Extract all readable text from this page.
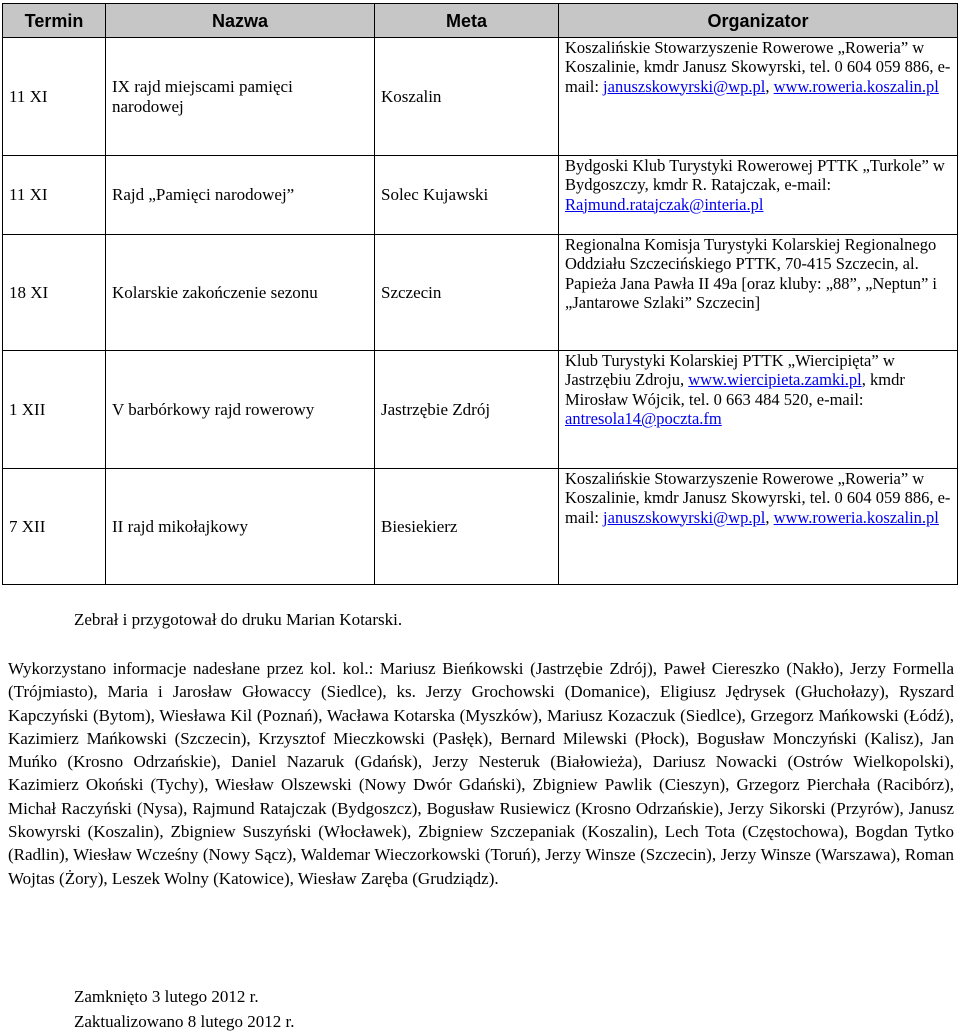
Termin	Nazwa	Meta	Organizator
11 XI	IX rajd miejscami pamięci narodowej	Koszalin	Koszalińskie Stowarzyszenie Rowerowe „Roweria” w Koszalinie, kmdr Janusz Skowyrski, tel. 0 604 059 886, e-mail: januszskowyrski@wp.pl, www.roweria.koszalin.pl
11 XI	Rajd „Pamięci narodowej”	Solec Kujawski	Bydgoski Klub Turystyki Rowerowej PTTK „Turkole” w Bydgoszczy, kmdr R. Ratajczak, e-mail: Rajmund.ratajczak@interia.pl
18 XI	Kolarskie zakończenie sezonu	Szczecin	Regionalna Komisja Turystyki Kolarskiej Regionalnego Oddziału Szczecińskiego PTTK, 70-415 Szczecin, al. Papieża Jana Pawła II 49a [oraz kluby: „88”, „Neptun” i „Jantarowe Szlaki” Szczecin]
1 XII	V barbórkowy rajd rowerowy	Jastrzębie Zdrój	Klub Turystyki Kolarskiej PTTK „Wiercipięta” w Jastrzębiu Zdroju, www.wiercipieta.zamki.pl, kmdr Mirosław Wójcik, tel. 0 663 484 520, e-mail: antresola14@poczta.fm
7 XII	II rajd mikołajkowy	Biesiekierz	Koszalińskie Stowarzyszenie Rowerowe „Roweria” w Koszalinie, kmdr Janusz Skowyrski, tel. 0 604 059 886, e-mail: januszskowyrski@wp.pl, www.roweria.koszalin.pl
Zebrał i przygotował do druku Marian Kotarski.
Wykorzystano informacje nadesłane przez kol. kol.: Mariusz Bieńkowski (Jastrzębie Zdrój), Paweł Ciereszko (Nakło), Jerzy Formella (Trójmiasto), Maria i Jarosław Głowaccy (Siedlce), ks. Jerzy Grochowski (Domanice), Eligiusz Jędrysek (Głuchołazy), Ryszard Kapczyński (Bytom), Wiesława Kil (Poznań), Wacława Kotarska (Myszków), Mariusz Kozaczuk (Siedlce), Grzegorz Mańkowski (Łódź), Kazimierz Mańkowski (Szczecin), Krzysztof Mieczkowski (Pasłęk), Bernard Milewski (Płock), Bogusław Monczyński (Kalisz), Jan Muńko (Krosno Odrzańskie), Daniel Nazaruk (Gdańsk), Jerzy Nesteruk (Białowieża), Dariusz Nowacki (Ostrów Wielkopolski), Kazimierz Okoński (Tychy), Wiesław Olszewski (Nowy Dwór Gdański), Zbigniew Pawlik (Cieszyn), Grzegorz Pierchała (Racibórz), Michał Raczyński (Nysa), Rajmund Ratajczak (Bydgoszcz), Bogusław Rusiewicz (Krosno Odrzańskie), Jerzy Sikorski (Przyrów), Janusz Skowyrski (Koszalin), Zbigniew Suszyński (Włocławek), Zbigniew Szczepaniak (Koszalin), Lech Tota (Częstochowa), Bogdan Tytko (Radlin), Wiesław Wcześny (Nowy Sącz), Waldemar Wieczorkowski (Toruń), Jerzy Winsze (Szczecin), Jerzy Winsze (Warszawa), Roman Wojtas (Żory), Leszek Wolny (Katowice), Wiesław Zaręba (Grudziądz).
Zamknięto 3 lutego 2012 r.
Zaktualizowano 8 lutego 2012 r.
